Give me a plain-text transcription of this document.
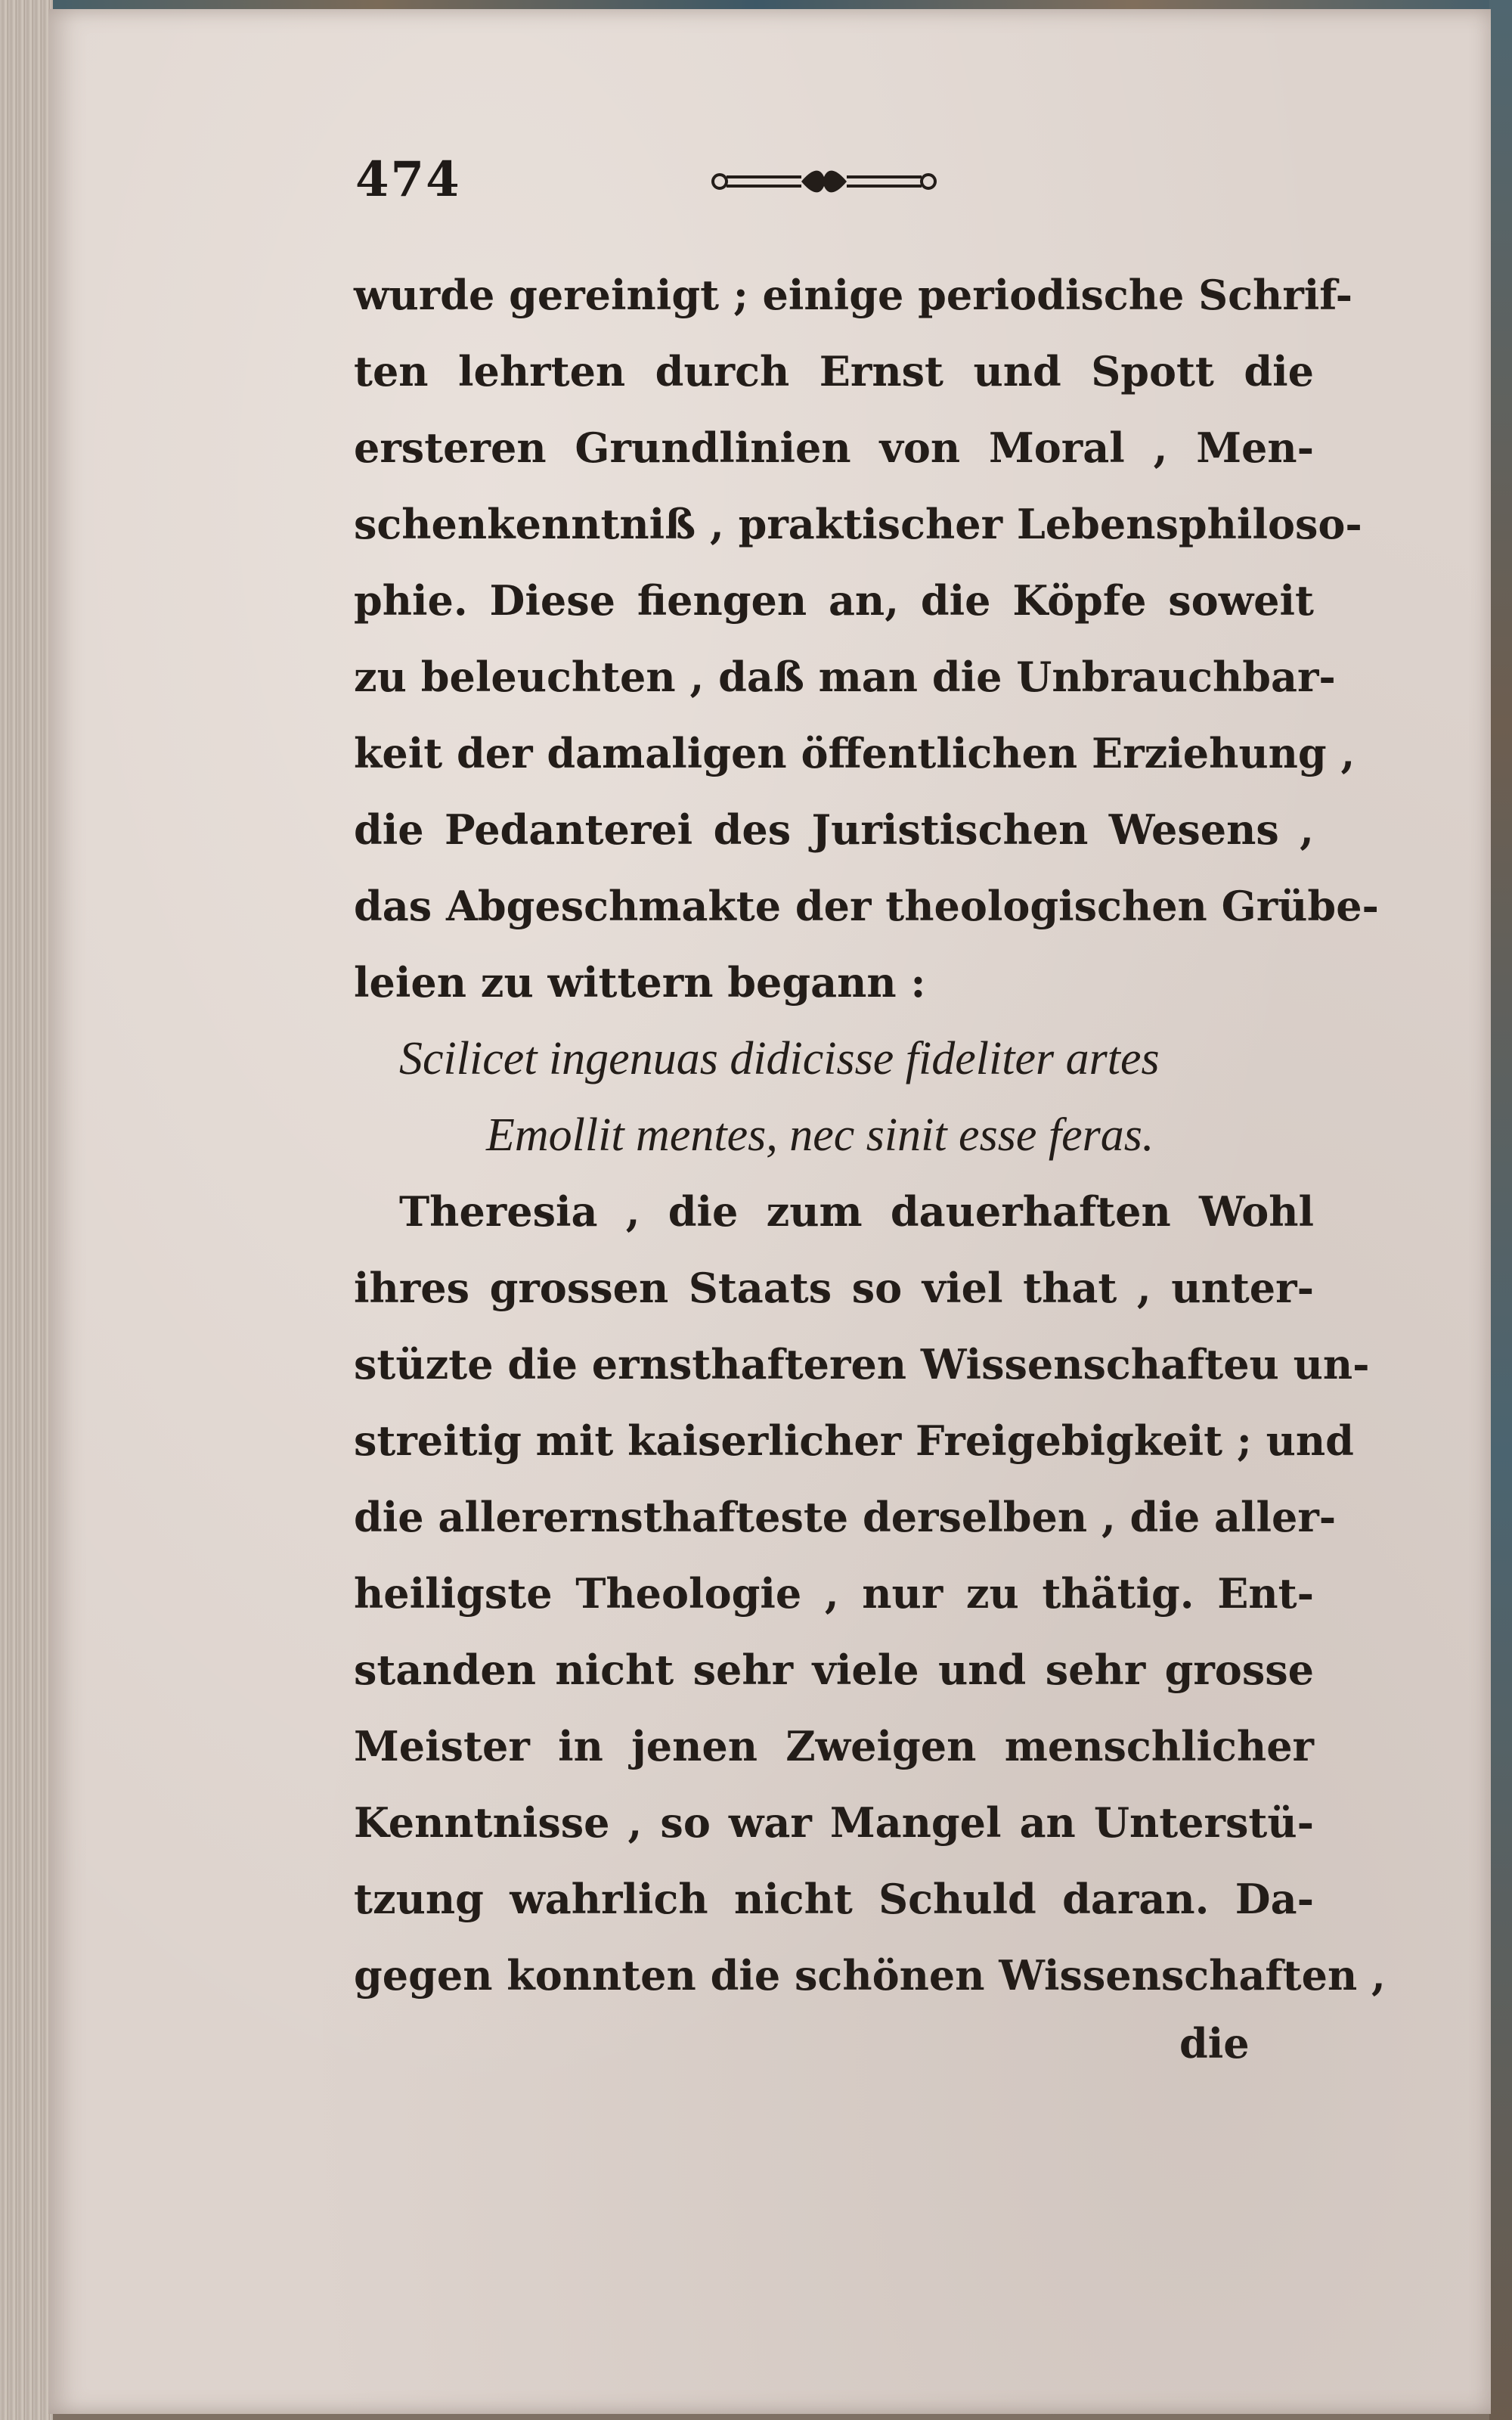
474
wurde gereinigt ; einige periodische Schrif-
ten lehrten durch Ernst und Spott die
ersteren Grundlinien von Moral , Men-
schenkenntniß , praktischer Lebensphiloso-
phie. Diese fiengen an, die Köpfe soweit
zu beleuchten , daß man die Unbrauchbar-
keit der damaligen öffentlichen Erziehung ,
die Pedanterei des Juristischen Wesens ,
das Abgeschmakte der theologischen Grübe-
leien zu wittern begann :
Scilicet ingenuas didicisse fideliter artes
Emollit mentes, nec sinit esse feras.
Theresia , die zum dauerhaften Wohl
ihres grossen Staats so viel that , unter-
stüzte die ernsthafteren Wissenschafteu un-
streitig mit kaiserlicher Freigebigkeit ; und
die allerernsthafteste derselben , die aller-
heiligste Theologie , nur zu thätig. Ent-
standen nicht sehr viele und sehr grosse
Meister in jenen Zweigen menschlicher
Kenntnisse , so war Mangel an Unterstü-
tzung wahrlich nicht Schuld daran. Da-
gegen konnten die schönen Wissenschaften ,
die
